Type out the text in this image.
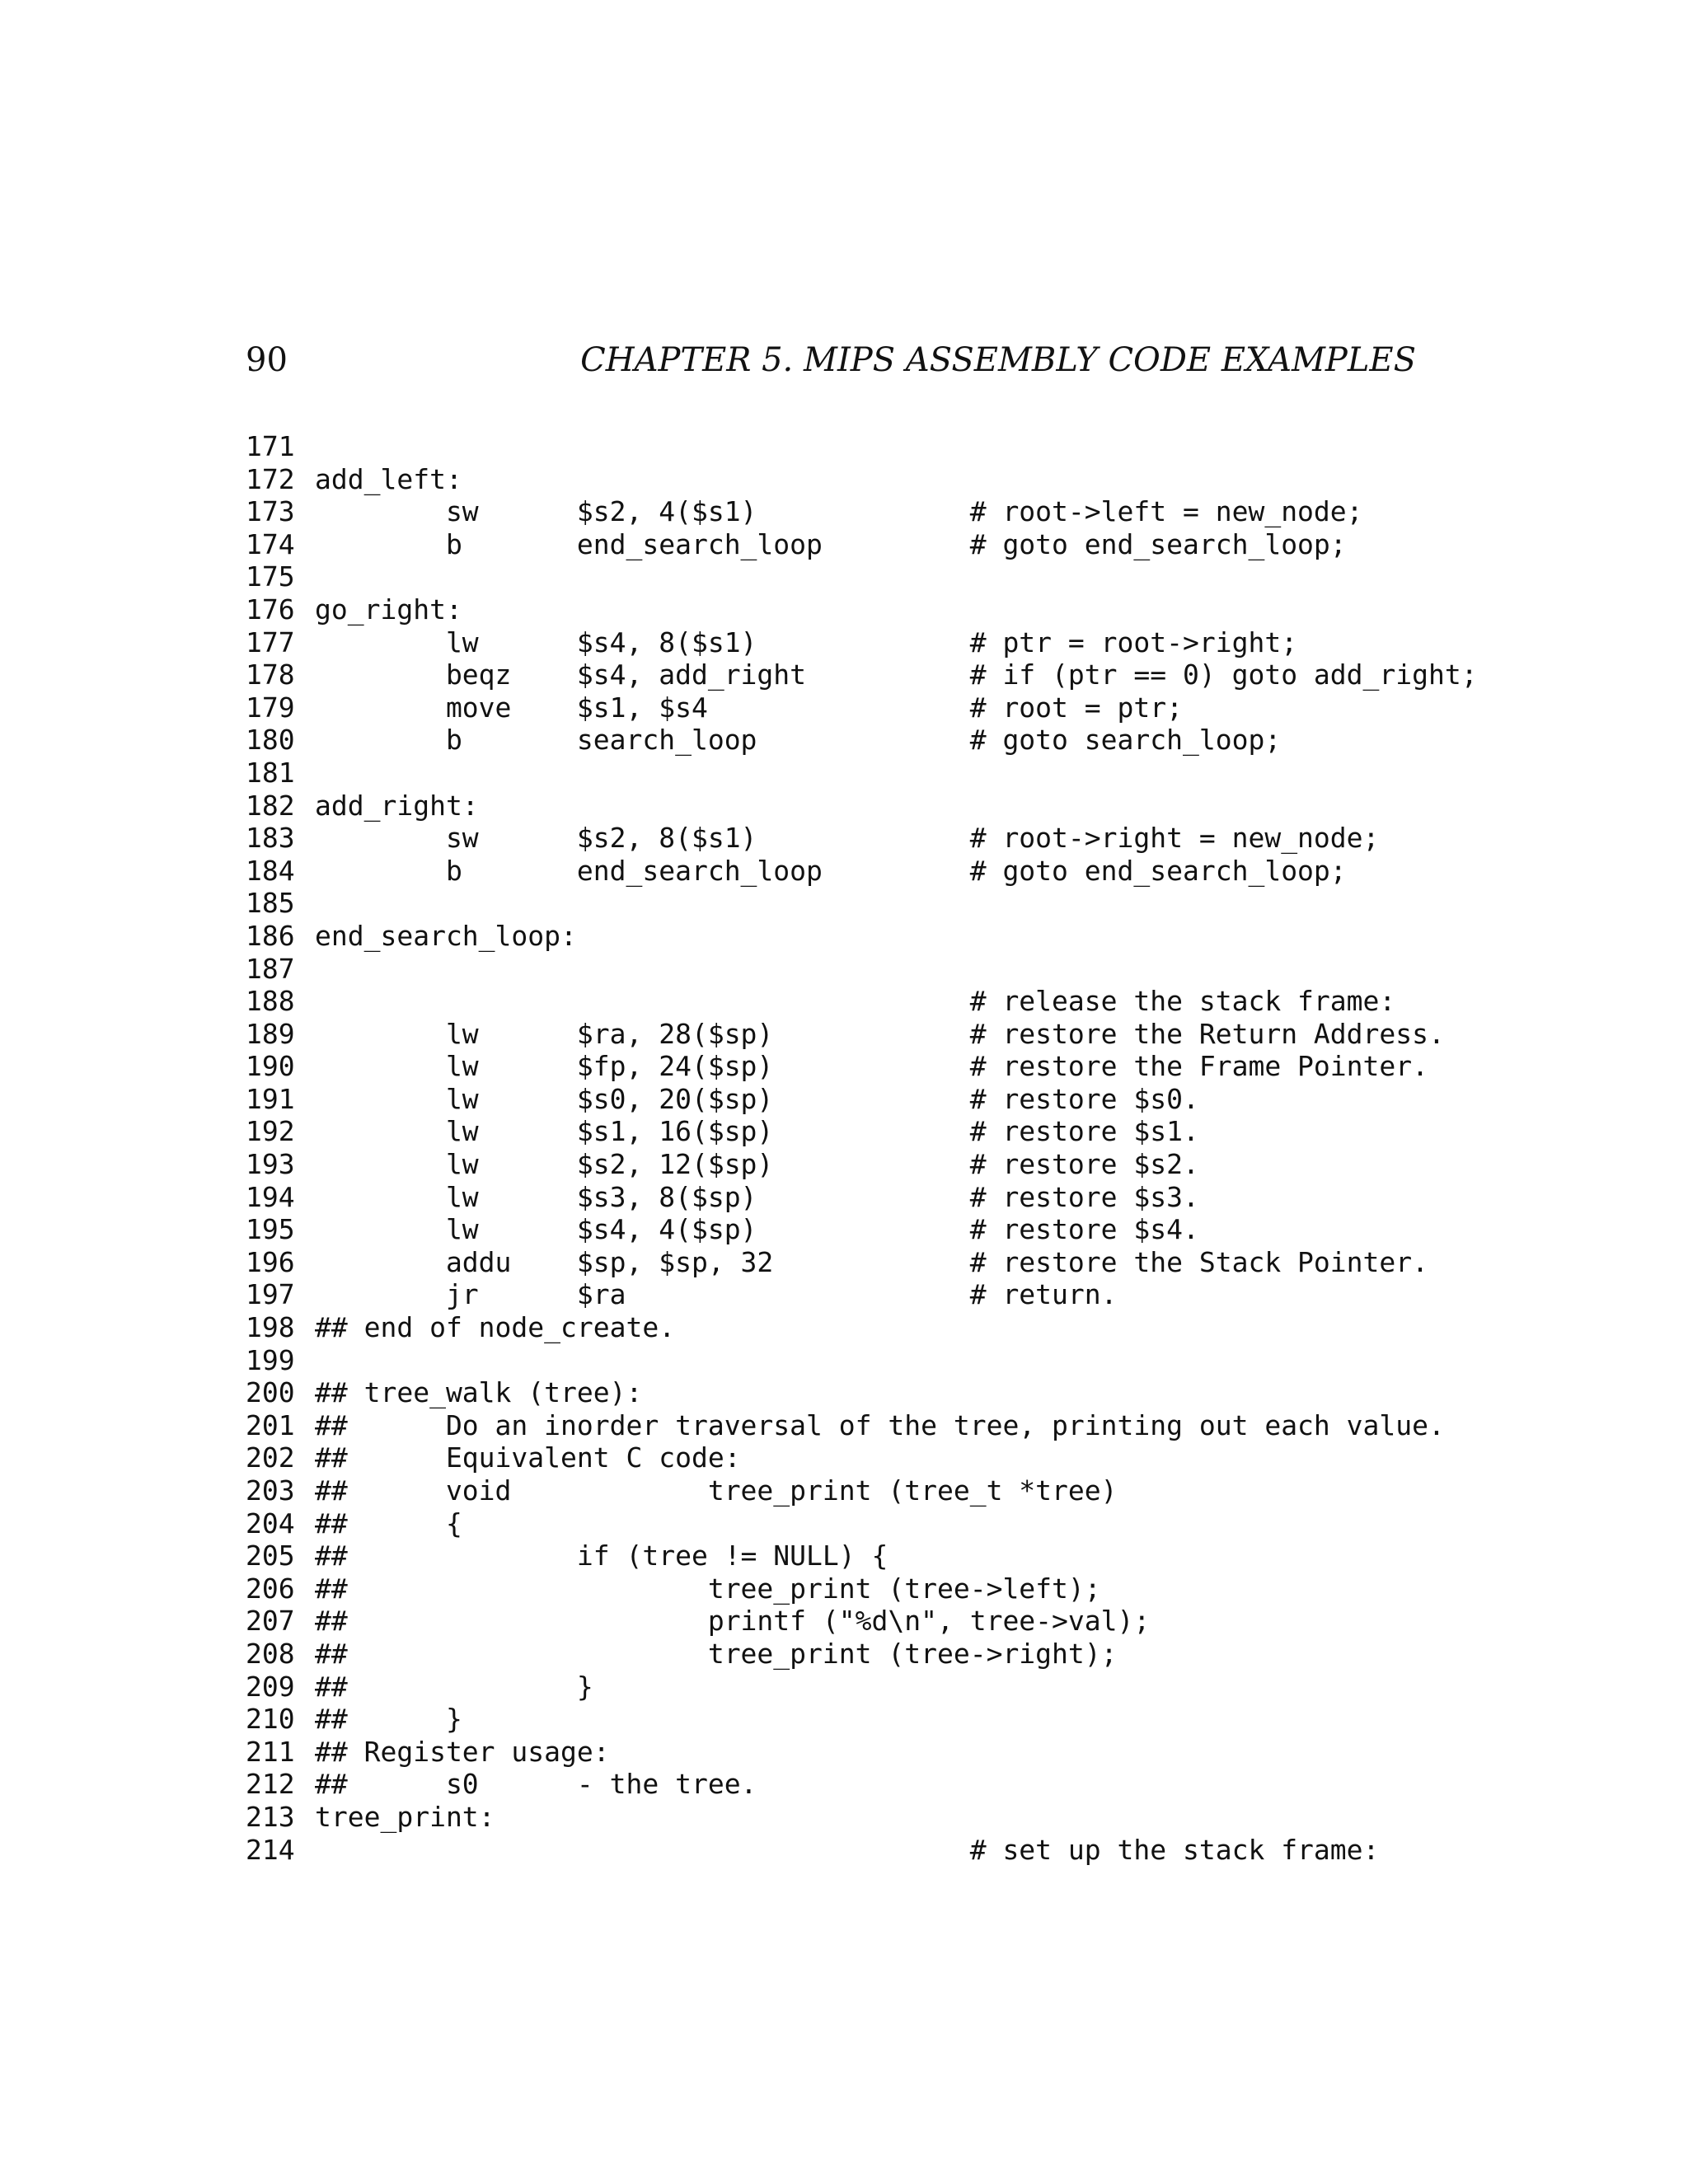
90	CHAPTER 5. MIPS ASSEMBLY CODE EXAMPLES
171
172 add_left:
173 sw      $s2, 4($s1)             # root->left = new_node;
174 b       end_search_loop         # goto end_search_loop;
175
176 go_right:
177 lw      $s4, 8($s1)             # ptr = root->right;
178 beqz    $s4, add_right          # if (ptr == 0) goto add_right;
179 move    $s1, $s4                # root = ptr;
180 b       search_loop             # goto search_loop;
181
182 add_right:
183 sw      $s2, 8($s1)             # root->right = new_node;
184 b       end_search_loop         # goto end_search_loop;
185
186 end_search_loop:
187
188 # release the stack frame:
189 lw      $ra, 28($sp)            # restore the Return Address.
190 lw      $fp, 24($sp)            # restore the Frame Pointer.
191 lw      $s0, 20($sp)            # restore $s0.
192 lw      $s1, 16($sp)            # restore $s1.
193 lw      $s2, 12($sp)            # restore $s2.
194 lw      $s3, 8($sp)             # restore $s3.
195 lw      $s4, 4($sp)             # restore $s4.
196 addu    $sp, $sp, 32            # restore the Stack Pointer.
197 jr      $ra                     # return.
198 ## end of node_create.
199
200 ## tree_walk (tree):
201 ##      Do an inorder traversal of the tree, printing out each value.
202 ##      Equivalent C code:
203 ##      void            tree_print (tree_t *tree)
204 ##      {
205 ##              if (tree != NULL) {
206 ##                      tree_print (tree->left);
207 ##                      printf ("%d\n", tree->val);
208 ##                      tree_print (tree->right);
209 ##              }
210 ##      }
211 ## Register usage:
212 ##      s0      - the tree.
213 tree_print:
214 # set up the stack frame:
